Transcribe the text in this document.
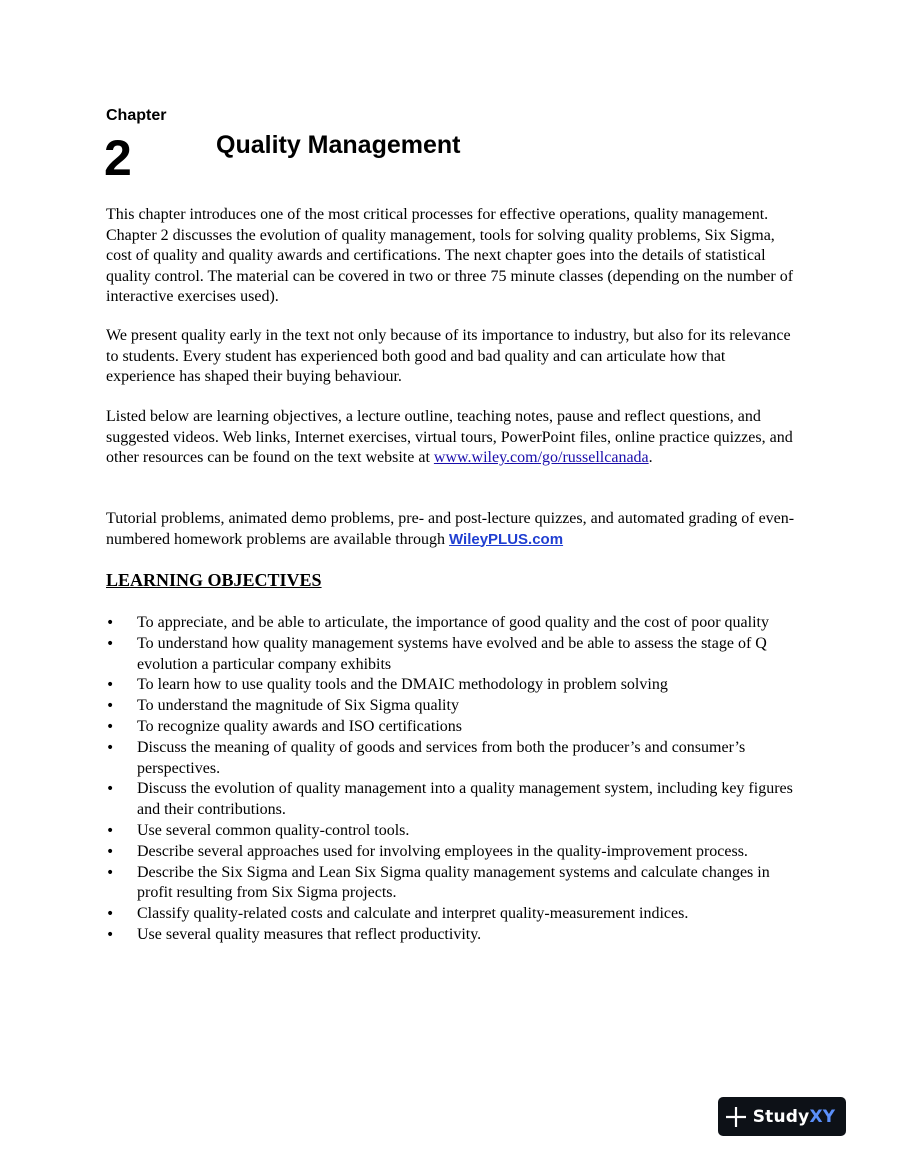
Chapter
2	Quality Management

This chapter introduces one of the most critical processes for effective operations, quality management. Chapter 2 discusses the evolution of quality management, tools for solving quality problems, Six Sigma, cost of quality and quality awards and certifications. The next chapter goes into the details of statistical quality control. The material can be covered in two or three 75 minute classes (depending on the number of interactive exercises used).

We present quality early in the text not only because of its importance to industry, but also for its relevance to students. Every student has experienced both good and bad quality and can articulate how that experience has shaped their buying behaviour.

Listed below are learning objectives, a lecture outline, teaching notes, pause and reflect questions, and suggested videos. Web links, Internet exercises, virtual tours, PowerPoint files, online practice quizzes, and other resources can be found on the text website at www.wiley.com/go/russellcanada.

Tutorial problems, animated demo problems, pre- and post-lecture quizzes, and automated grading of even-numbered homework problems are available through WileyPLUS.com

LEARNING OBJECTIVES
• To appreciate, and be able to articulate, the importance of good quality and the cost of poor quality
• To understand how quality management systems have evolved and be able to assess the stage of Q evolution a particular company exhibits
• To learn how to use quality tools and the DMAIC methodology in problem solving
• To understand the magnitude of Six Sigma quality
• To recognize quality awards and ISO certifications
• Discuss the meaning of quality of goods and services from both the producer’s and consumer’s perspectives.
• Discuss the evolution of quality management into a quality management system, including key figures and their contributions.
• Use several common quality-control tools.
• Describe several approaches used for involving employees in the quality-improvement process.
• Describe the Six Sigma and Lean Six Sigma quality management systems and calculate changes in profit resulting from Six Sigma projects.
• Classify quality-related costs and calculate and interpret quality-measurement indices.
• Use several quality measures that reflect productivity.
StudyXY
